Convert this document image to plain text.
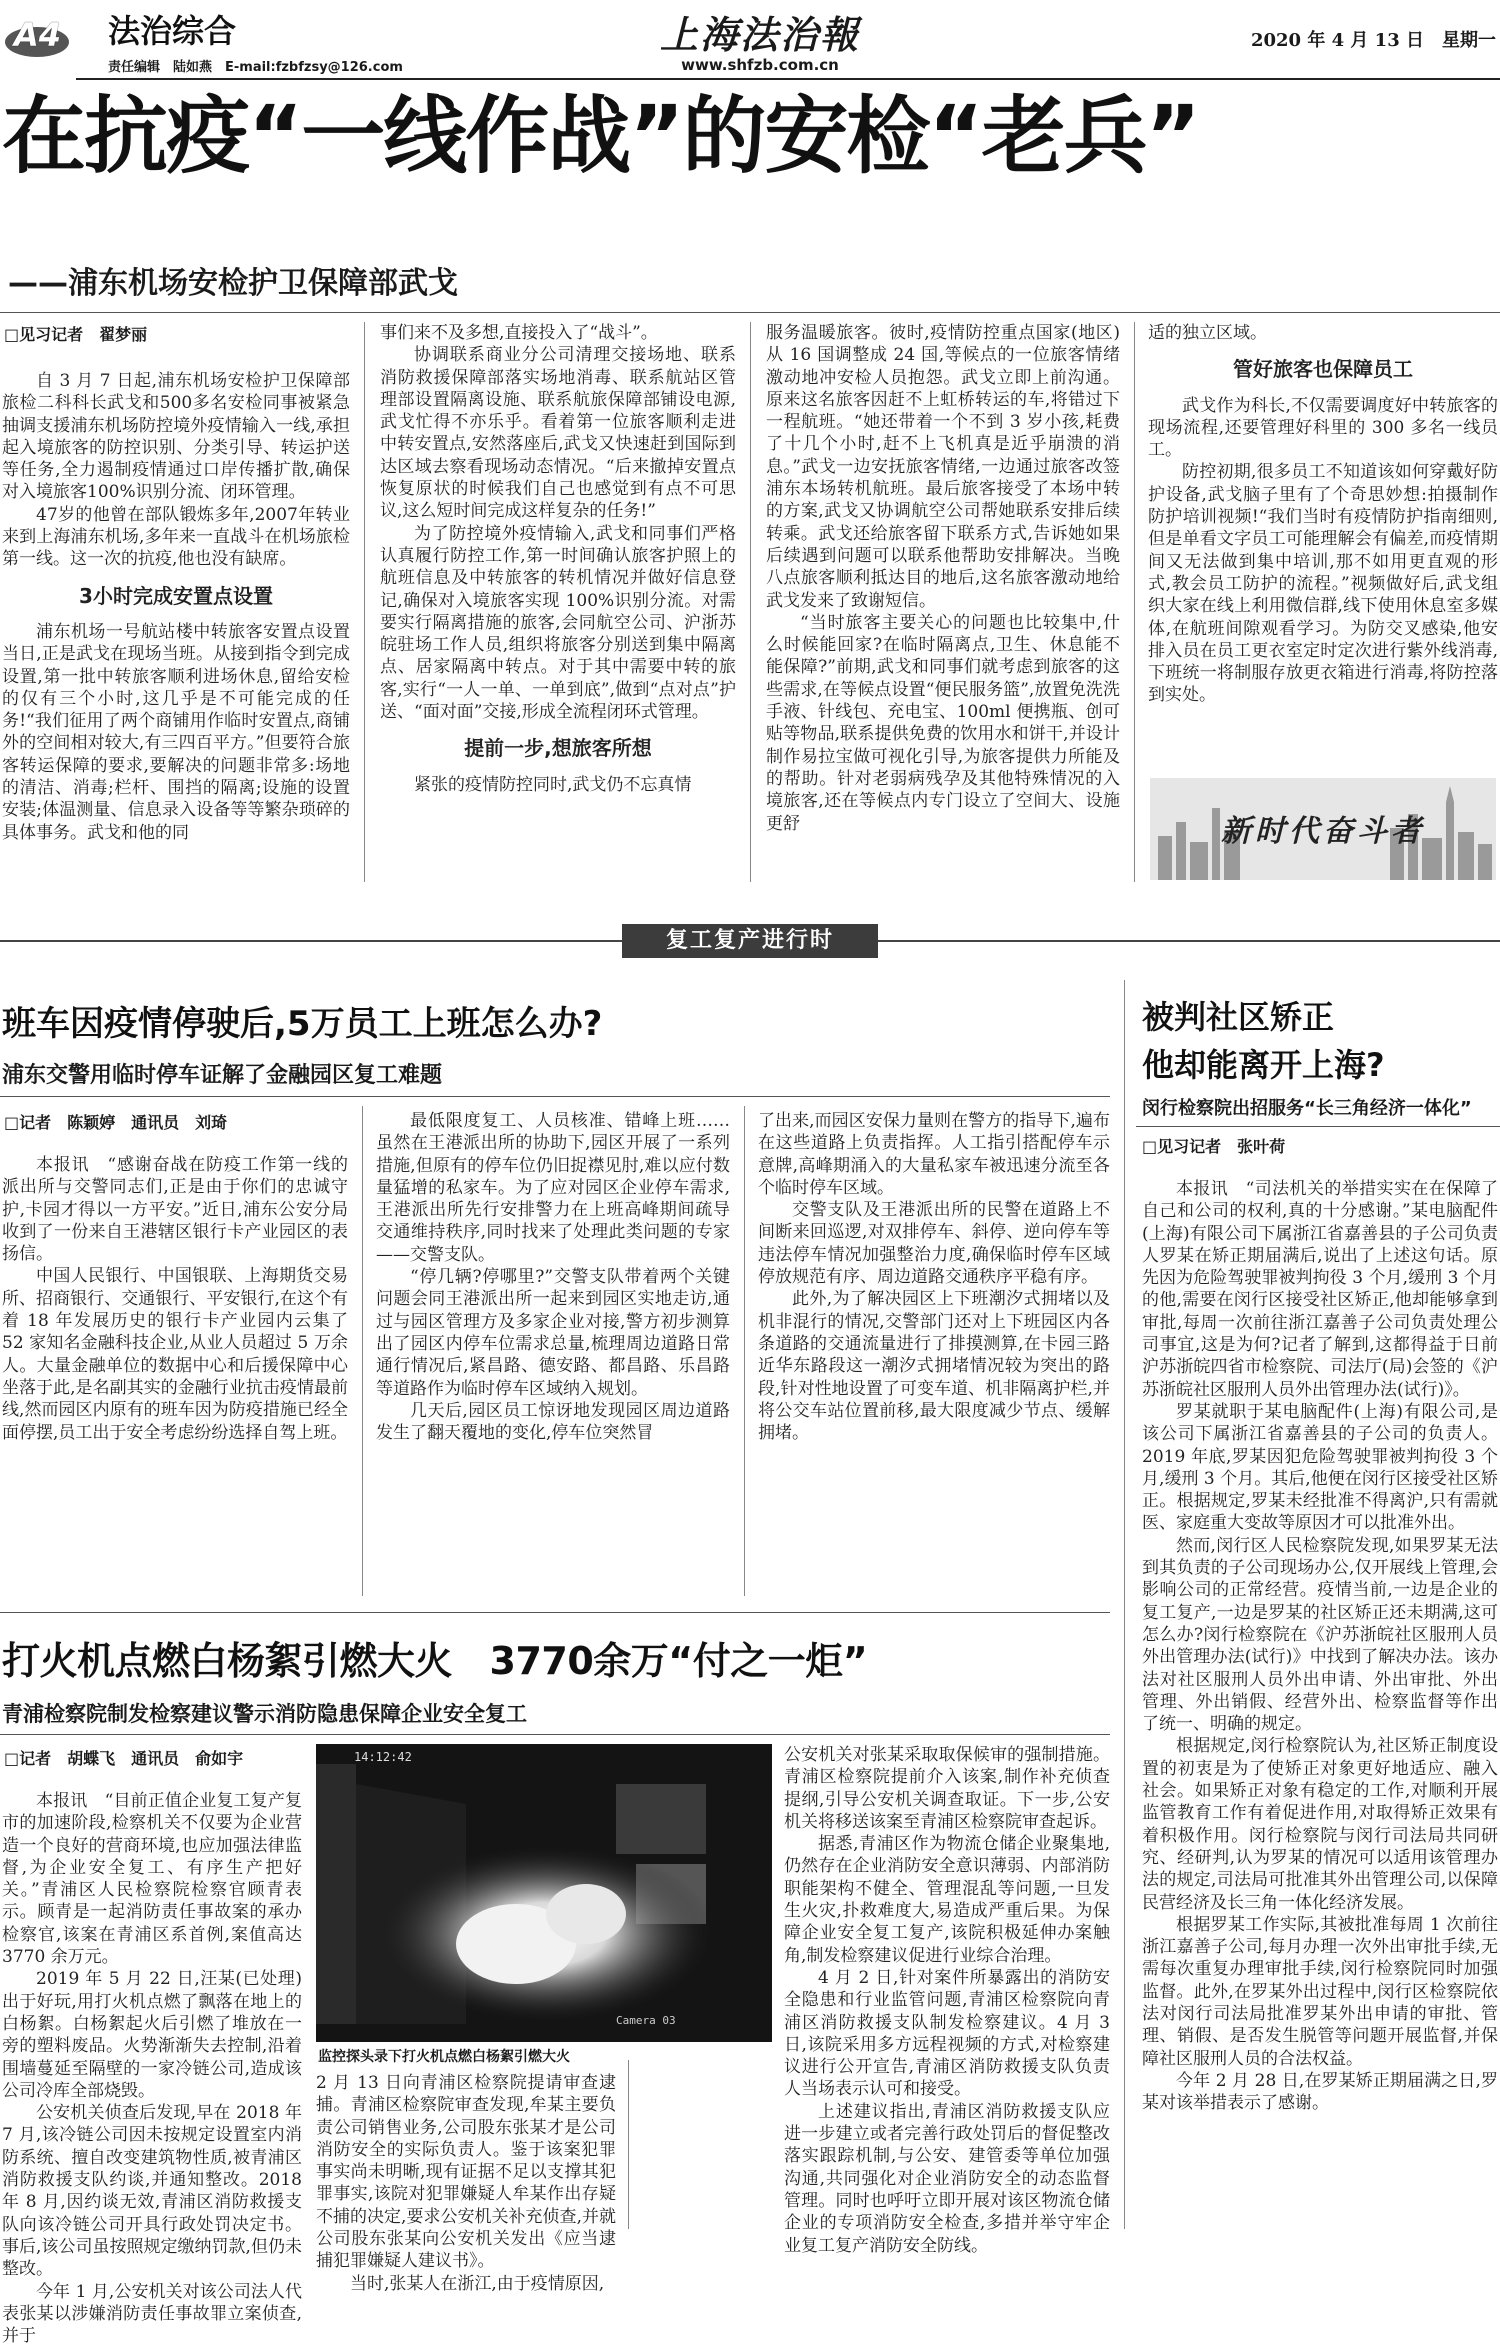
A4 法治综合
责任编辑　陆如燕　E-mail:fzbfzsy@126.com
上海法治報
www.shfzb.com.cn
2020 年 4 月 13 日　星期一
在抗疫“一线作战”的安检“老兵”
——浦东机场安检护卫保障部武戈
□见习记者　翟梦丽

自 3 月 7 日起,浦东机场安检护卫保障部旅检二科科长武戈和500多名安检同事被紧急抽调支援浦东机场防控境外疫情输入一线,承担起入境旅客的防控识别、分类引导、转运护送等任务,全力遏制疫情通过口岸传播扩散,确保对入境旅客100%识别分流、闭环管理。

47岁的他曾在部队锻炼多年,2007年转业来到上海浦东机场,多年来一直战斗在机场旅检第一线。这一次的抗疫,他也没有缺席。

3小时完成安置点设置

浦东机场一号航站楼中转旅客安置点设置当日,正是武戈在现场当班。从接到指令到完成设置,第一批中转旅客顺利进场休息,留给安检的仅有三个小时,这几乎是不可能完成的任务!“我们征用了两个商铺用作临时安置点,商铺外的空间相对较大,有三四百平方。”但要符合旅客转运保障的要求,要解决的问题非常多:场地的清洁、消毒;栏杆、围挡的隔离;设施的设置安装;体温测量、信息录入设备等等繁杂琐碎的具体事务。武戈和他的同

事们来不及多想,直接投入了“战斗”。

协调联系商业分公司清理交接场地、联系消防救援保障部落实场地消毒、联系航站区管理部设置隔离设施、联系航旅保障部铺设电源,武戈忙得不亦乐乎。看着第一位旅客顺利走进中转安置点,安然落座后,武戈又快速赶到国际到达区域去察看现场动态情况。“后来撤掉安置点恢复原状的时候我们自己也感觉到有点不可思议,这么短时间完成这样复杂的任务!”

为了防控境外疫情输入,武戈和同事们严格认真履行防控工作,第一时间确认旅客护照上的航班信息及中转旅客的转机情况并做好信息登记,确保对入境旅客实现 100%识别分流。对需要实行隔离措施的旅客,会同航空公司、沪浙苏皖驻场工作人员,组织将旅客分别送到集中隔离点、居家隔离中转点。对于其中需要中转的旅客,实行“一人一单、一单到底”,做到“点对点”护送、“面对面”交接,形成全流程闭环式管理。

提前一步,想旅客所想

紧张的疫情防控同时,武戈仍不忘真情

服务温暖旅客。彼时,疫情防控重点国家(地区)从 16 国调整成 24 国,等候点的一位旅客情绪激动地冲安检人员抱怨。武戈立即上前沟通。原来这名旅客因赶不上虹桥转运的车,将错过下一程航班。“她还带着一个不到 3 岁小孩,耗费了十几个小时,赶不上飞机真是近乎崩溃的消息。”武戈一边安抚旅客情绪,一边通过旅客改签浦东本场转机航班。最后旅客接受了本场中转的方案,武戈又协调航空公司帮她联系安排后续转乘。武戈还给旅客留下联系方式,告诉她如果后续遇到问题可以联系他帮助安排解决。当晚八点旅客顺利抵达目的地后,这名旅客激动地给武戈发来了致谢短信。

“当时旅客主要关心的问题也比较集中,什么时候能回家?在临时隔离点,卫生、休息能不能保障?”前期,武戈和同事们就考虑到旅客的这些需求,在等候点设置“便民服务篮”,放置免洗洗手液、针线包、充电宝、100ml 便携瓶、创可贴等物品,联系提供免费的饮用水和饼干,并设计制作易拉宝做可视化引导,为旅客提供力所能及的帮助。针对老弱病残孕及其他特殊情况的入境旅客,还在等候点内专门设立了空间大、设施更舒

适的独立区域。

管好旅客也保障员工

武戈作为科长,不仅需要调度好中转旅客的现场流程,还要管理好科里的 300 多名一线员工。

防控初期,很多员工不知道该如何穿戴好防护设备,武戈脑子里有了个奇思妙想:拍摄制作防护培训视频!“我们当时有疫情防护指南细则,但是单看文字员工可能理解会有偏差,而疫情期间又无法做到集中培训,那不如用更直观的形式,教会员工防护的流程。”视频做好后,武戈组织大家在线上利用微信群,线下使用休息室多媒体,在航班间隙观看学习。为防交叉感染,他安排入员在员工更衣室定时定次进行紫外线消毒,下班统一将制服存放更衣箱进行消毒,将防控落到实处。

新时代奋斗者
复工复产进行时
班车因疫情停驶后,5万员工上班怎么办?
浦东交警用临时停车证解了金融园区复工难题
□记者　陈颖婷　通讯员　刘琦

本报讯　“感谢奋战在防疫工作第一线的派出所与交警同志们,正是由于你们的忠诚守护,卡园才得以一方平安。”近日,浦东公安分局收到了一份来自王港辖区银行卡产业园区的表扬信。

中国人民银行、中国银联、上海期货交易所、招商银行、交通银行、平安银行,在这个有着 18 年发展历史的银行卡产业园内云集了 52 家知名金融科技企业,从业人员超过 5 万余人。大量金融单位的数据中心和后援保障中心坐落于此,是名副其实的金融行业抗击疫情最前线,然而园区内原有的班车因为防疫措施已经全面停摆,员工出于安全考虑纷纷选择自驾上班。

最低限度复工、人员核准、错峰上班……虽然在王港派出所的协助下,园区开展了一系列措施,但原有的停车位仍旧捉襟见肘,难以应付数量猛增的私家车。为了应对园区企业停车需求,王港派出所先行安排警力在上班高峰期间疏导交通维持秩序,同时找来了处理此类问题的专家——交警支队。

“停几辆?停哪里?”交警支队带着两个关键问题会同王港派出所一起来到园区实地走访,通过与园区管理方及多家企业对接,警方初步测算出了园区内停车位需求总量,梳理周边道路日常通行情况后,紧昌路、德安路、都昌路、乐昌路等道路作为临时停车区域纳入规划。

几天后,园区员工惊讶地发现园区周边道路发生了翻天覆地的变化,停车位突然冒

了出来,而园区安保力量则在警方的指导下,遍布在这些道路上负责指挥。人工指引搭配停车示意牌,高峰期涌入的大量私家车被迅速分流至各个临时停车区域。

交警支队及王港派出所的民警在道路上不间断来回巡逻,对双排停车、斜停、逆向停车等违法停车情况加强整治力度,确保临时停车区域停放规范有序、周边道路交通秩序平稳有序。

此外,为了解决园区上下班潮汐式拥堵以及机非混行的情况,交警部门还对上下班园区内各条道路的交通流量进行了排摸测算,在卡园三路近华东路段这一潮汐式拥堵情况较为突出的路段,针对性地设置了可变车道、机非隔离护栏,并将公交车站位置前移,最大限度减少节点、缓解拥堵。

打火机点燃白杨絮引燃大火　3770余万“付之一炬”
青浦检察院制发检察建议警示消防隐患保障企业安全复工
□记者　胡蝶飞　通讯员　俞如宇

本报讯　“目前正值企业复工复产复市的加速阶段,检察机关不仅要为企业营造一个良好的营商环境,也应加强法律监督,为企业安全复工、有序生产把好关。”青浦区人民检察院检察官顾青表示。顾青是一起消防责任事故案的承办检察官,该案在青浦区系首例,案值高达 3770 余万元。

2019 年 5 月 22 日,汪某(已处理)出于好玩,用打火机点燃了飘落在地上的白杨絮。白杨絮起火后引燃了堆放在一旁的塑料废品。火势渐渐失去控制,沿着围墙蔓延至隔壁的一家冷链公司,造成该公司冷库全部烧毁。

公安机关侦查后发现,早在 2018 年 7 月,该冷链公司因未按规定设置室内消防系统、擅自改变建筑物性质,被青浦区消防救援支队约谈,并通知整改。2018 年 8 月,因约谈无效,青浦区消防救援支队向该冷链公司开具行政处罚决定书。事后,该公司虽按照规定缴纳罚款,但仍未整改。

今年 1 月,公安机关对该公司法人代表张某以涉嫌消防责任事故罪立案侦查,并于

14:12:42
Camera 03
监控探头录下打火机点燃白杨絮引燃大火

2 月 13 日向青浦区检察院提请审查逮捕。青浦区检察院审查发现,牟某主要负责公司销售业务,公司股东张某才是公司消防安全的实际负责人。鉴于该案犯罪事实尚未明晰,现有证据不足以支撑其犯罪事实,该院对犯罪嫌疑人牟某作出存疑不捕的决定,要求公安机关补充侦查,并就公司股东张某向公安机关发出《应当逮捕犯罪嫌疑人建议书》。

当时,张某人在浙江,由于疫情原因,

公安机关对张某采取取保候审的强制措施。青浦区检察院提前介入该案,制作补充侦查提纲,引导公安机关调查取证。下一步,公安机关将移送该案至青浦区检察院审查起诉。

据悉,青浦区作为物流仓储企业聚集地,仍然存在企业消防安全意识薄弱、内部消防职能架构不健全、管理混乱等问题,一旦发生火灾,扑救难度大,易造成严重后果。为保障企业安全复工复产,该院积极延伸办案触角,制发检察建议促进行业综合治理。

4 月 2 日,针对案件所暴露出的消防安全隐患和行业监管问题,青浦区检察院向青浦区消防救援支队制发检察建议。4 月 3 日,该院采用多方远程视频的方式,对检察建议进行公开宣告,青浦区消防救援支队负责人当场表示认可和接受。

上述建议指出,青浦区消防救援支队应进一步建立或者完善行政处罚后的督促整改落实跟踪机制,与公安、建管委等单位加强沟通,共同强化对企业消防安全的动态监督管理。同时也呼吁立即开展对该区物流仓储企业的专项消防安全检查,多措并举守牢企业复工复产消防安全防线。

被判社区矫正
他却能离开上海?
闵行检察院出招服务“长三角经济一体化”
□见习记者　张叶荷

本报讯　“司法机关的举措实实在在保障了自己和公司的权利,真的十分感谢。”某电脑配件(上海)有限公司下属浙江省嘉善县的子公司负责人罗某在矫正期届满后,说出了上述这句话。原先因为危险驾驶罪被判拘役 3 个月,缓刑 3 个月的他,需要在闵行区接受社区矫正,他却能够拿到审批,每周一次前往浙江嘉善子公司负责处理公司事宜,这是为何?记者了解到,这都得益于日前沪苏浙皖四省市检察院、司法厅(局)会签的《沪苏浙皖社区服刑人员外出管理办法(试行)》。

罗某就职于某电脑配件(上海)有限公司,是该公司下属浙江省嘉善县的子公司的负责人。2019 年底,罗某因犯危险驾驶罪被判拘役 3 个月,缓刑 3 个月。其后,他便在闵行区接受社区矫正。根据规定,罗某未经批准不得离沪,只有需就医、家庭重大变故等原因才可以批准外出。

然而,闵行区人民检察院发现,如果罗某无法到其负责的子公司现场办公,仅开展线上管理,会影响公司的正常经营。疫情当前,一边是企业的复工复产,一边是罗某的社区矫正还未期满,这可怎么办?闵行检察院在《沪苏浙皖社区服刑人员外出管理办法(试行)》中找到了解决办法。该办法对社区服刑人员外出申请、外出审批、外出管理、外出销假、经营外出、检察监督等作出了统一、明确的规定。

根据规定,闵行检察院认为,社区矫正制度设置的初衷是为了使矫正对象更好地适应、融入社会。如果矫正对象有稳定的工作,对顺利开展监管教育工作有着促进作用,对取得矫正效果有着积极作用。闵行检察院与闵行司法局共同研究、经研判,认为罗某的情况可以适用该管理办法的规定,司法局可批准其外出管理公司,以保障民营经济及长三角一体化经济发展。

根据罗某工作实际,其被批准每周 1 次前往浙江嘉善子公司,每月办理一次外出审批手续,无需每次重复办理审批手续,闵行检察院同时加强监督。此外,在罗某外出过程中,闵行区检察院依法对闵行司法局批准罗某外出申请的审批、管理、销假、是否发生脱管等问题开展监督,并保障社区服刑人员的合法权益。

今年 2 月 28 日,在罗某矫正期届满之日,罗某对该举措表示了感谢。
